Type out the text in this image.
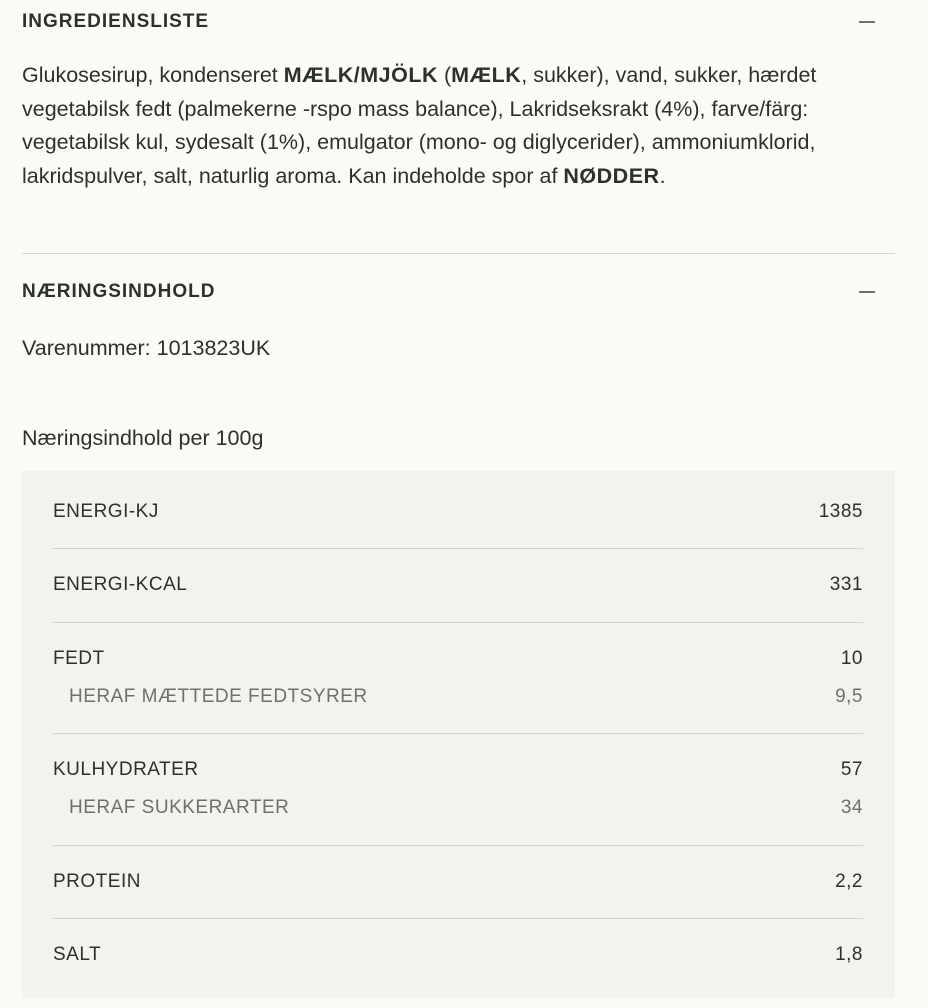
INGREDIENSLISTE
Glukosesirup, kondenseret MÆLK/MJÖLK (MÆLK, sukker), vand, sukker, hærdet vegetabilsk fedt (palmekerne -rspo mass balance), Lakridseksrakt (4%), farve/färg: vegetabilsk kul, sydesalt (1%), emulgator (mono- og diglycerider), ammoniumklorid, lakridspulver, salt, naturlig aroma. Kan indeholde spor af NØDDER.
NÆRINGSINDHOLD
Varenummer: 1013823UK
Næringsindhold per 100g
ENERGI-KJ	1385
ENERGI-KCAL	331
FEDT	10
HERAF MÆTTEDE FEDTSYRER	9,5
KULHYDRATER	57
HERAF SUKKERARTER	34
PROTEIN	2,2
SALT	1,8
